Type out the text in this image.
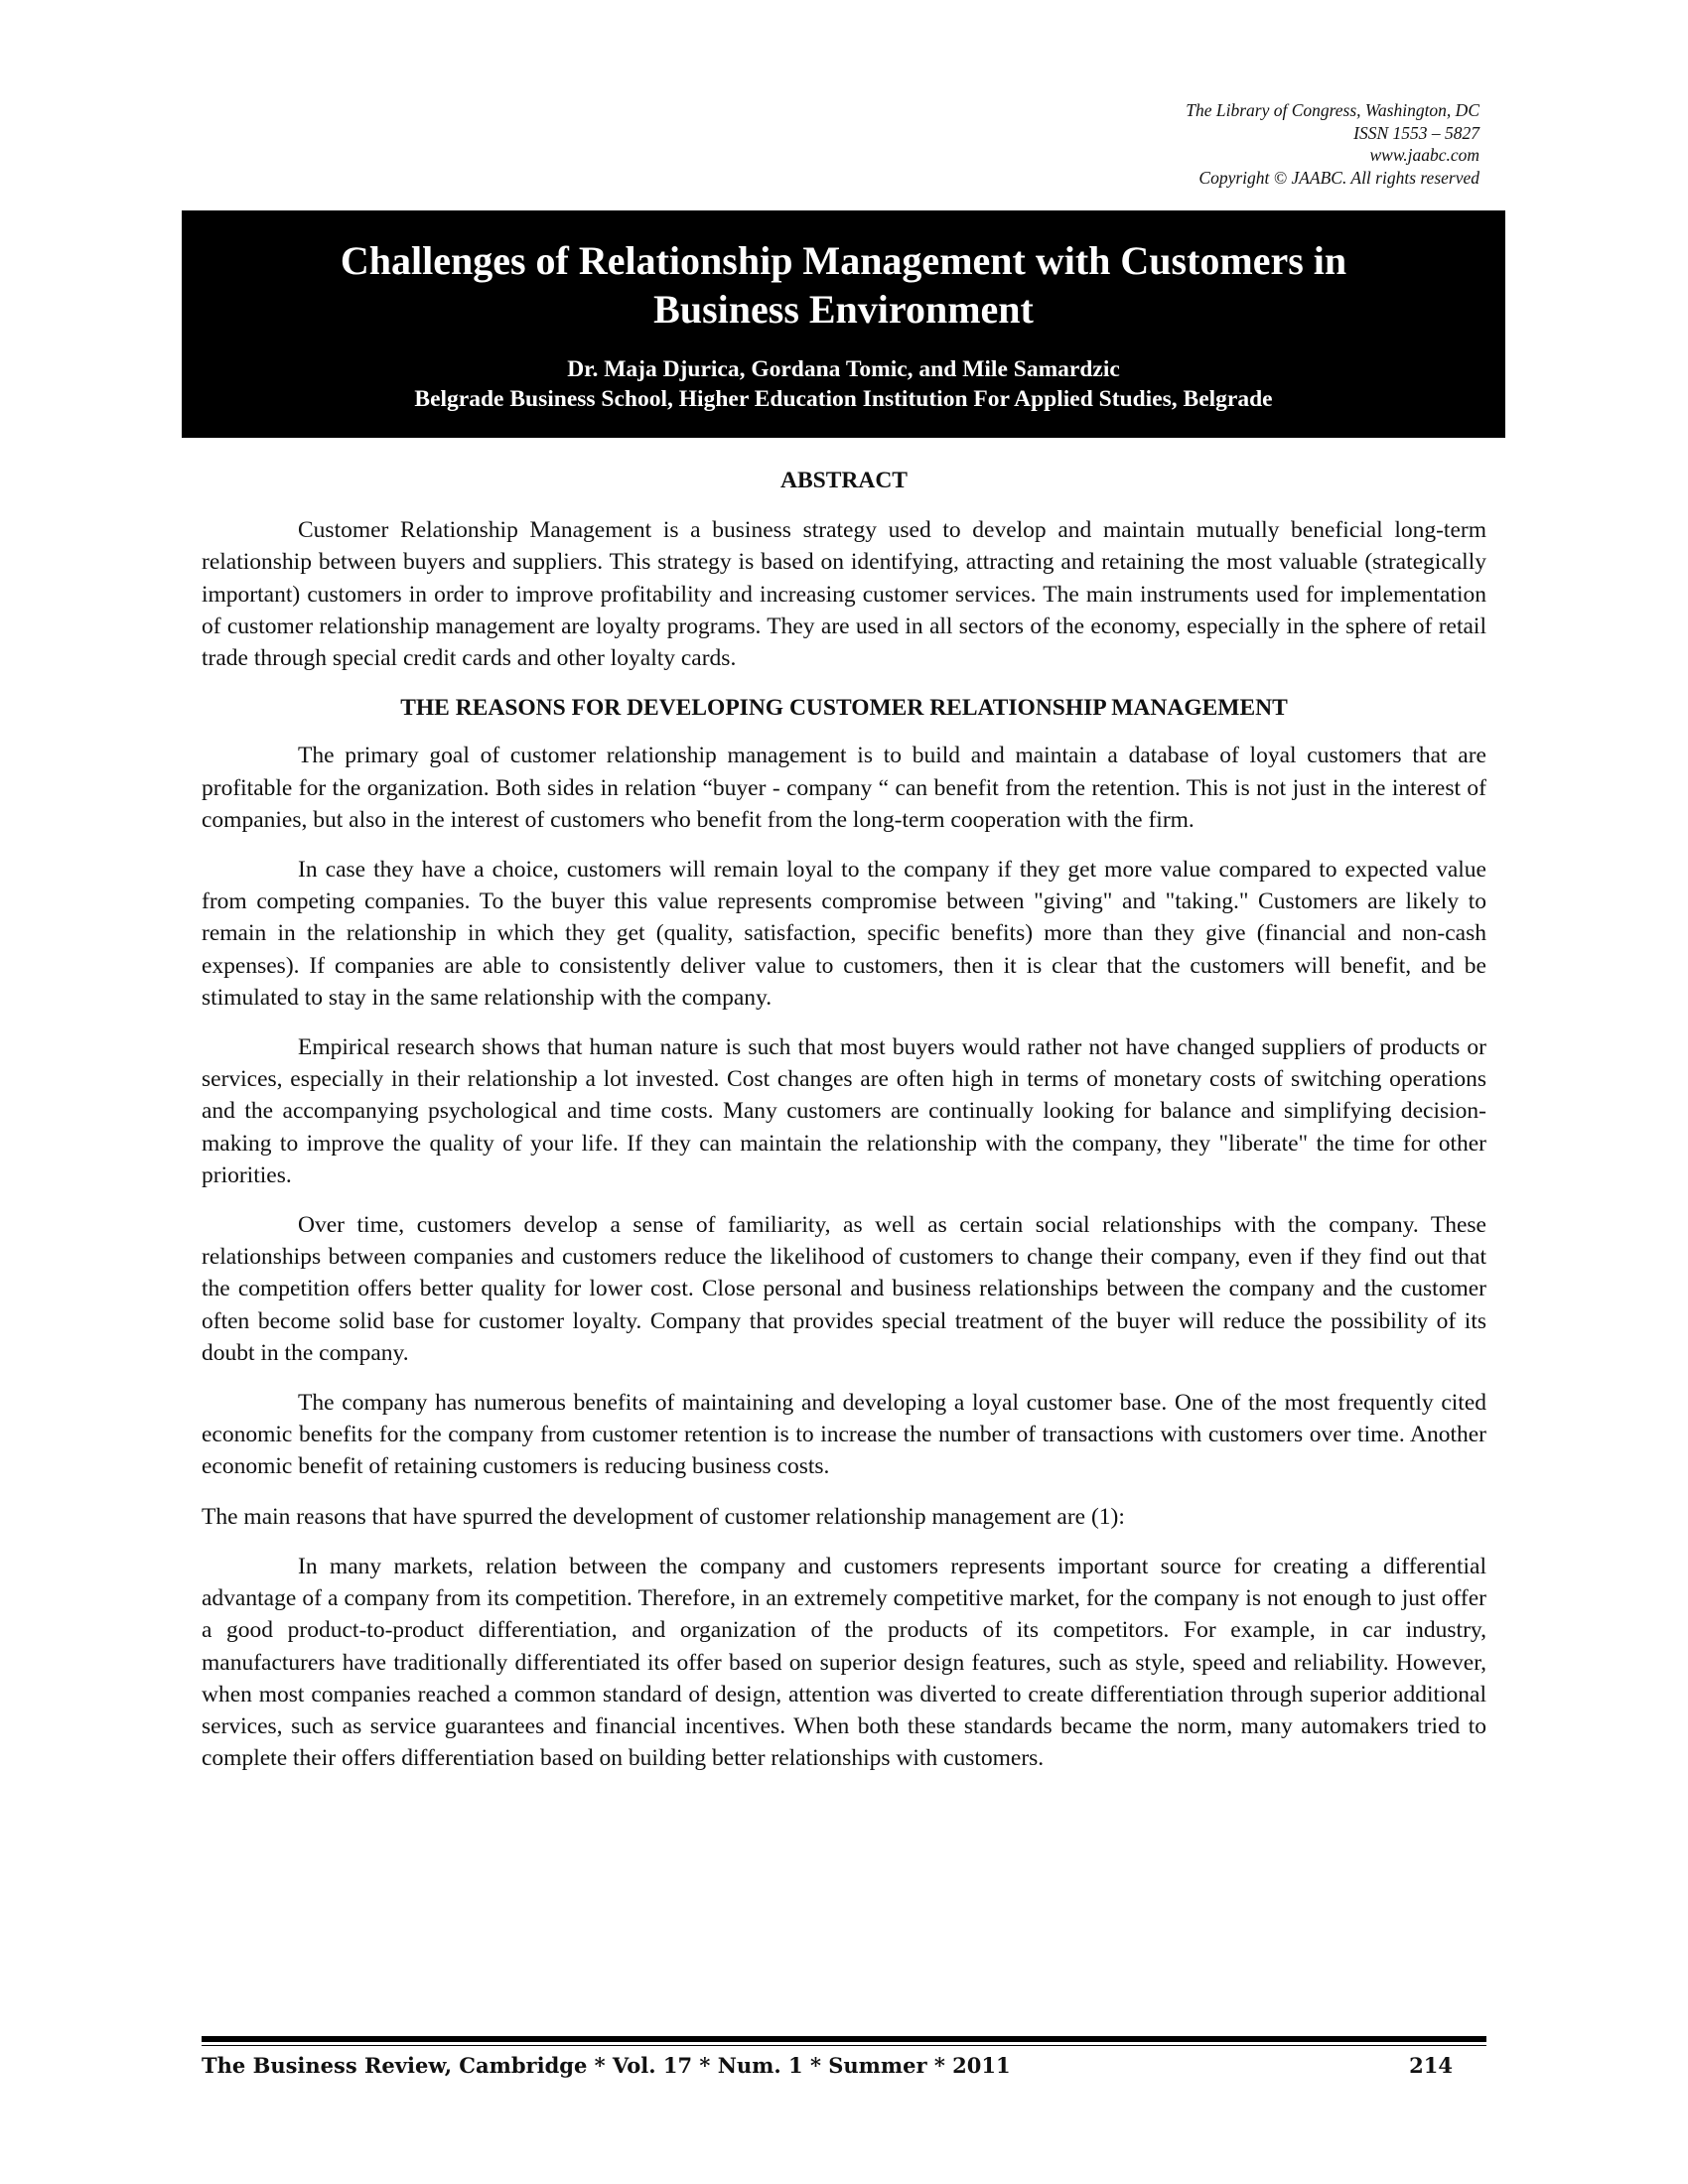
The Library of Congress, Washington, DC
ISSN 1553 – 5827
www.jaabc.com
Copyright © JAABC. All rights reserved
Challenges of Relationship Management with Customers in Business Environment
Dr. Maja Djurica, Gordana Tomic, and Mile Samardzic
Belgrade Business School, Higher Education Institution For Applied Studies, Belgrade
ABSTRACT

Customer Relationship Management is a business strategy used to develop and maintain mutually beneficial long-term relationship between buyers and suppliers. This strategy is based on identifying, attracting and retaining the most valuable (strategically important) customers in order to improve profitability and increasing customer services. The main instruments used for implementation of customer relationship management are loyalty programs. They are used in all sectors of the economy, especially in the sphere of retail trade through special credit cards and other loyalty cards.

THE REASONS FOR DEVELOPING CUSTOMER RELATIONSHIP MANAGEMENT

The primary goal of customer relationship management is to build and maintain a database of loyal customers that are profitable for the organization. Both sides in relation “buyer - company “ can benefit from the retention. This is not just in the interest of companies, but also in the interest of customers who benefit from the long-term cooperation with the firm.

In case they have a choice, customers will remain loyal to the company if they get more value compared to expected value from competing companies. To the buyer this value represents compromise between "giving" and "taking." Customers are likely to remain in the relationship in which they get (quality, satisfaction, specific benefits) more than they give (financial and non-cash expenses). If companies are able to consistently deliver value to customers, then it is clear that the customers will benefit, and be stimulated to stay in the same relationship with the company.

Empirical research shows that human nature is such that most buyers would rather not have changed suppliers of products or services, especially in their relationship a lot invested. Cost changes are often high in terms of monetary costs of switching operations and the accompanying psychological and time costs. Many customers are continually looking for balance and simplifying decision-making to improve the quality of your life. If they can maintain the relationship with the company, they "liberate" the time for other priorities.

Over time, customers develop a sense of familiarity, as well as certain social relationships with the company. These relationships between companies and customers reduce the likelihood of customers to change their company, even if they find out that the competition offers better quality for lower cost. Close personal and business relationships between the company and the customer often become solid base for customer loyalty. Company that provides special treatment of the buyer will reduce the possibility of its doubt in the company.

The company has numerous benefits of maintaining and developing a loyal customer base. One of the most frequently cited economic benefits for the company from customer retention is to increase the number of transactions with customers over time. Another economic benefit of retaining customers is reducing business costs.

The main reasons that have spurred the development of customer relationship management are (1):

In many markets, relation between the company and customers represents important source for creating a differential advantage of a company from its competition. Therefore, in an extremely competitive market, for the company is not enough to just offer a good product-to-product differentiation, and organization of the products of its competitors. For example, in car industry, manufacturers have traditionally differentiated its offer based on superior design features, such as style, speed and reliability. However, when most companies reached a common standard of design, attention was diverted to create differentiation through superior additional services, such as service guarantees and financial incentives. When both these standards became the norm, many automakers tried to complete their offers differentiation based on building better relationships with customers.

The Business Review, Cambridge * Vol. 17 * Num. 1 * Summer * 2011	214
